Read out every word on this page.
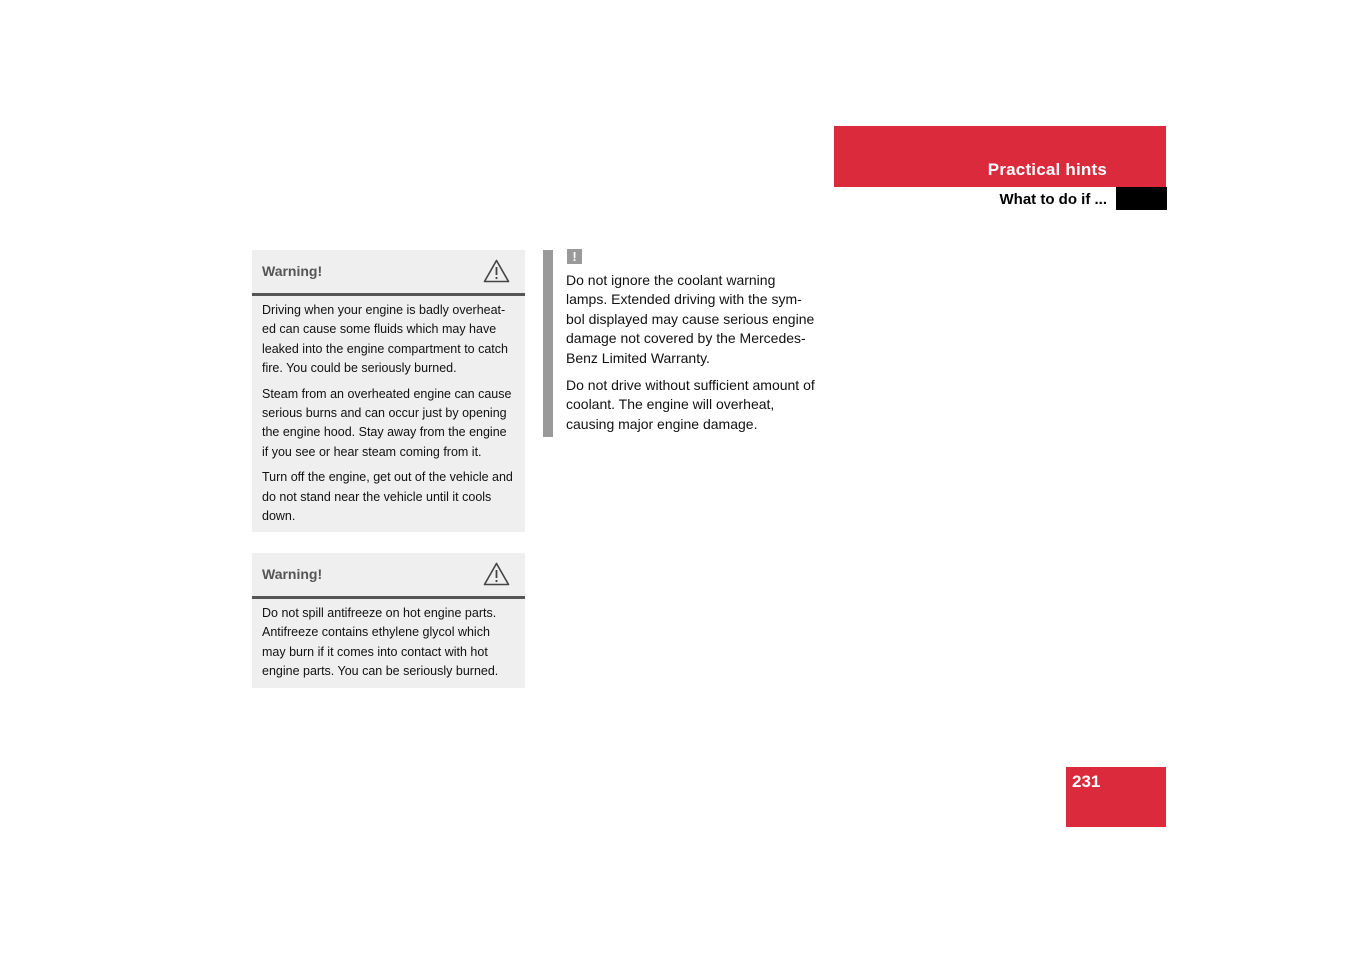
Practical hints
What to do if ...
Warning!

Driving when your engine is badly overheat-ed can cause some fluids which may have leaked into the engine compartment to catch fire. You could be seriously burned.

Steam from an overheated engine can cause serious burns and can occur just by opening the engine hood. Stay away from the engine if you see or hear steam coming from it.

Turn off the engine, get out of the vehicle and do not stand near the vehicle until it cools down.

Warning!

Do not spill antifreeze on hot engine parts. Antifreeze contains ethylene glycol which may burn if it comes into contact with hot engine parts. You can be seriously burned.

!

Do not ignore the coolant warning lamps. Extended driving with the sym-bol displayed may cause serious engine damage not covered by the Mercedes-Benz Limited Warranty.

Do not drive without sufficient amount of coolant. The engine will overheat, causing major engine damage.

231
